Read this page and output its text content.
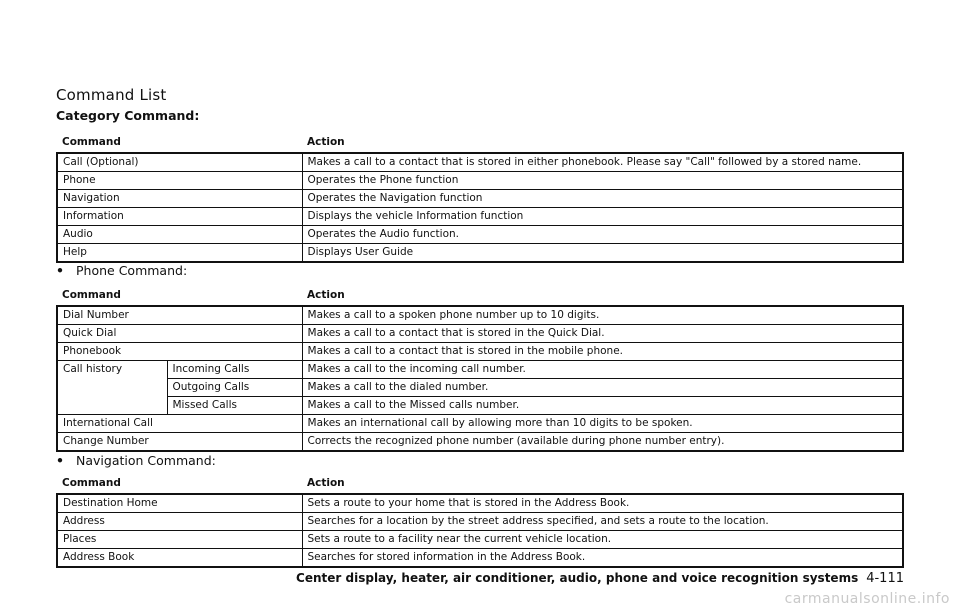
Command List
Category Command:
Command	Action
Call (Optional)	Makes a call to a contact that is stored in either phonebook. Please say "Call" followed by a stored name.
Phone	Operates the Phone function
Navigation	Operates the Navigation function
Information	Displays the vehicle Information function
Audio	Operates the Audio function.
Help	Displays User Guide
• Phone Command:
Command		Action
Dial Number		Makes a call to a spoken phone number up to 10 digits.
Quick Dial		Makes a call to a contact that is stored in the Quick Dial.
Phonebook		Makes a call to a contact that is stored in the mobile phone.
Call history	Incoming Calls	Makes a call to the incoming call number.
	Outgoing Calls	Makes a call to the dialed number.
	Missed Calls	Makes a call to the Missed calls number.
International Call		Makes an international call by allowing more than 10 digits to be spoken.
Change Number		Corrects the recognized phone number (available during phone number entry).
• Navigation Command:
Command	Action
Destination Home	Sets a route to your home that is stored in the Address Book.
Address	Searches for a location by the street address specified, and sets a route to the location.
Places	Sets a route to a facility near the current vehicle location.
Address Book	Searches for stored information in the Address Book.
Center display, heater, air conditioner, audio, phone and voice recognition systems 4-111
carmanualsonline.info
